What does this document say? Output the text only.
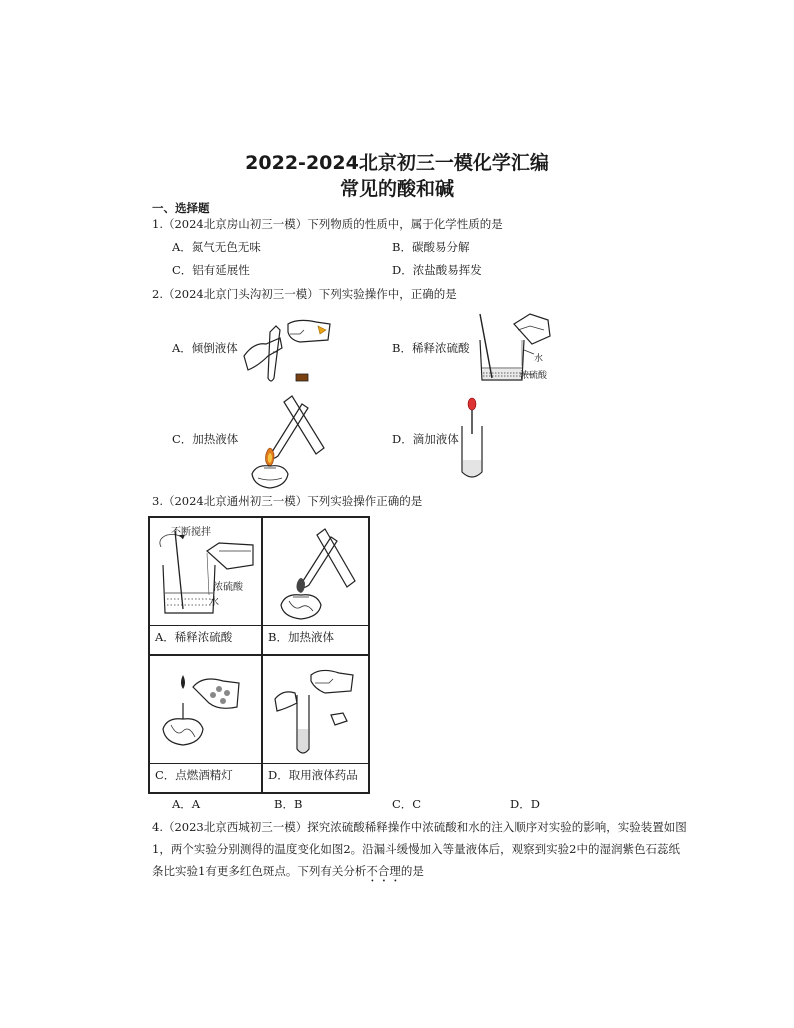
2022-2024北京初三一模化学汇编
常见的酸和碱
一、选择题
1.（2024北京房山初三一模）下列物质的性质中，属于化学性质的是
A．氮气无色无味	B．碳酸易分解
C．铝有延展性	D．浓盐酸易挥发
2.（2024北京门头沟初三一模）下列实验操作中，正确的是
A．倾倒液体	B．稀释浓硫酸
C．加热液体	D．滴加液体
水
浓硫酸
3.（2024北京通州初三一模）下列实验操作正确的是
不断搅拌
浓硫酸
水
A．稀释浓硫酸	B．加热液体
C．点燃酒精灯	D．取用液体药品
A．A	B．B	C．C	D．D
4.（2023北京西城初三一模）探究浓硫酸稀释操作中浓硫酸和水的注入顺序对实验的影响，实验装置如图
1，两个实验分别测得的温度变化如图2。沿漏斗缓慢加入等量液体后，观察到实验2中的湿润紫色石蕊纸
条比实验1有更多红色斑点。下列有关分析不合理的是
